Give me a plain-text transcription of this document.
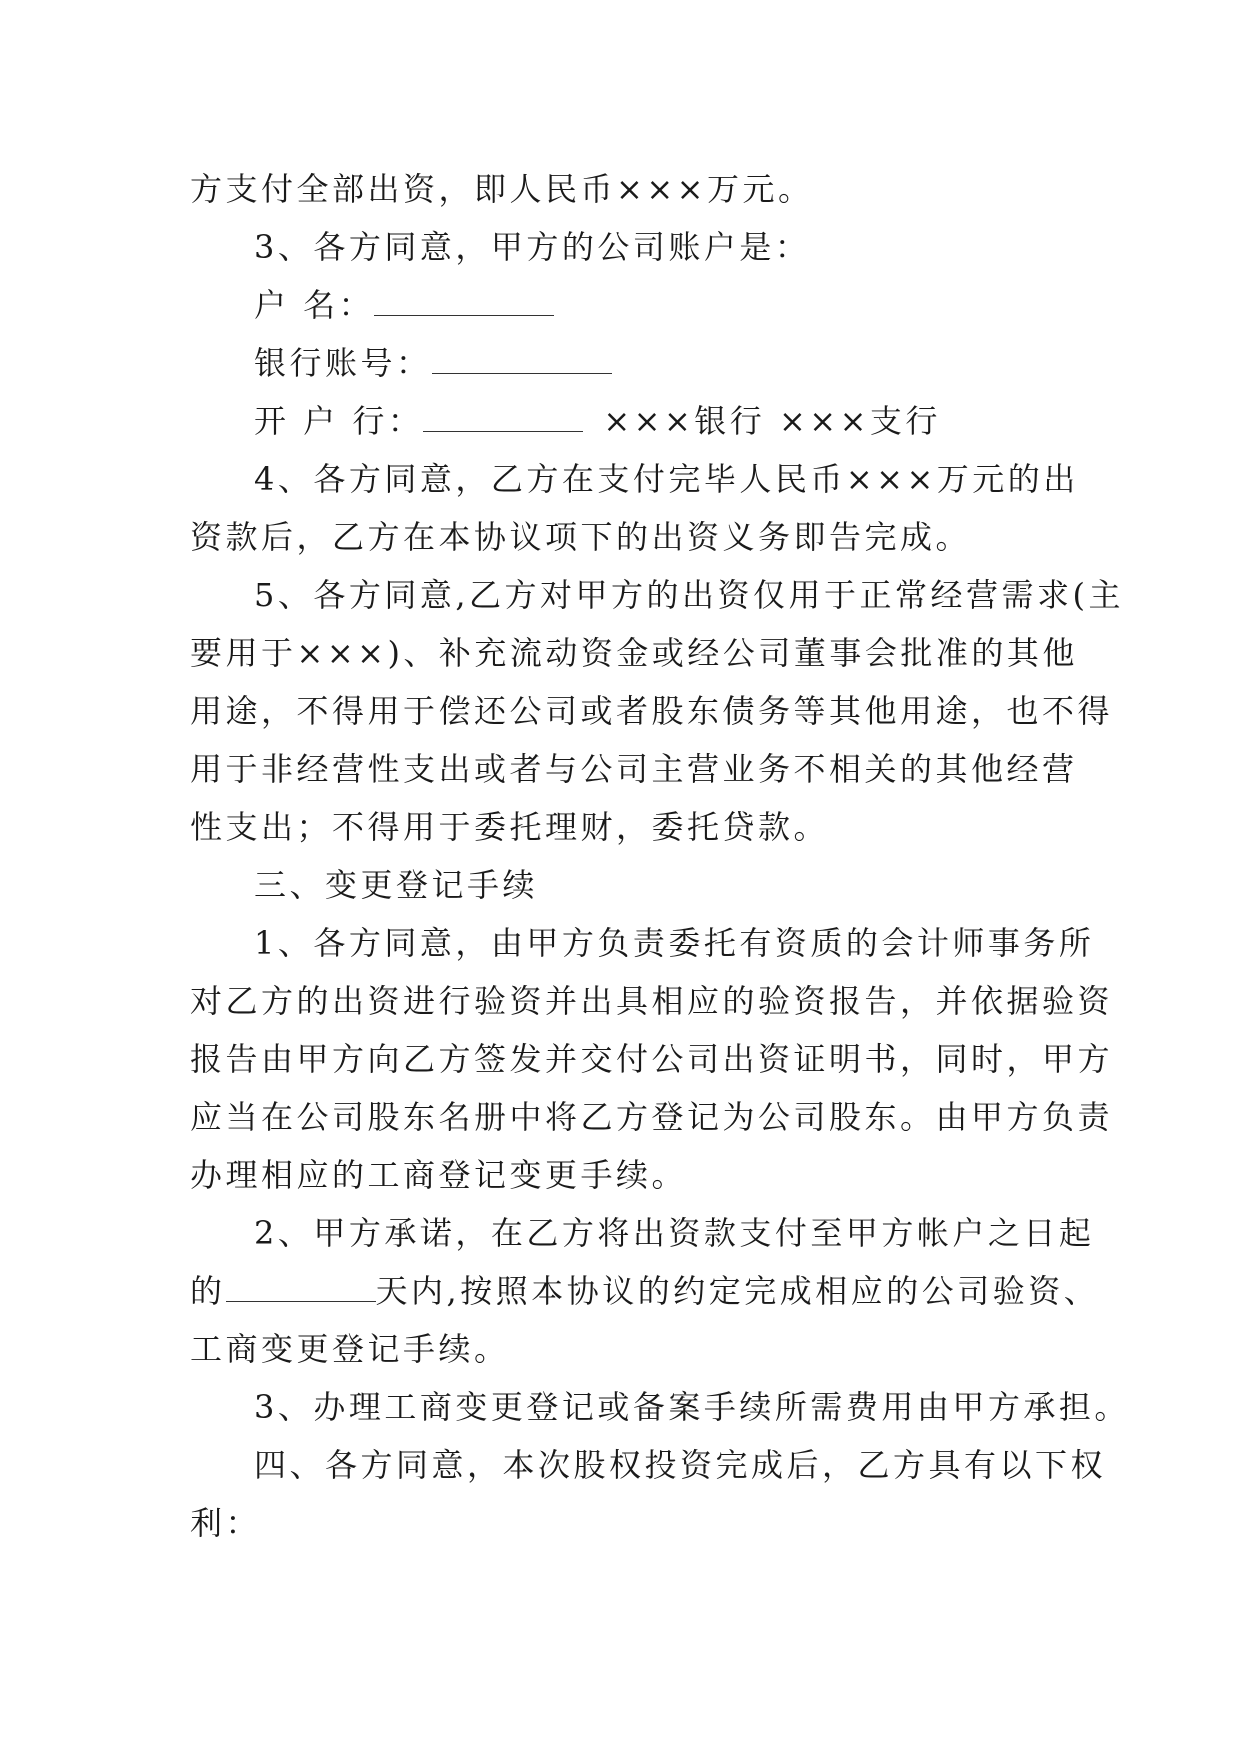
方支付全部出资，即人民币×××万元。
3、各方同意，甲方的公司账户是：
户 名：
银行账号：
开 户 行：	×××银行 ×××支行
4、各方同意，乙方在支付完毕人民币×××万元的出
资款后，乙方在本协议项下的出资义务即告完成。
5、各方同意,乙方对甲方的出资仅用于正常经营需求(主
要用于×××)、补充流动资金或经公司董事会批准的其他
用途，不得用于偿还公司或者股东债务等其他用途，也不得
用于非经营性支出或者与公司主营业务不相关的其他经营
性支出；不得用于委托理财，委托贷款。
三、变更登记手续
1、各方同意，由甲方负责委托有资质的会计师事务所
对乙方的出资进行验资并出具相应的验资报告，并依据验资
报告由甲方向乙方签发并交付公司出资证明书，同时，甲方
应当在公司股东名册中将乙方登记为公司股东。由甲方负责
办理相应的工商登记变更手续。
2、甲方承诺，在乙方将出资款支付至甲方帐户之日起
的	天内,按照本协议的约定完成相应的公司验资、
工商变更登记手续。
3、办理工商变更登记或备案手续所需费用由甲方承担。
四、各方同意，本次股权投资完成后，乙方具有以下权
利：
